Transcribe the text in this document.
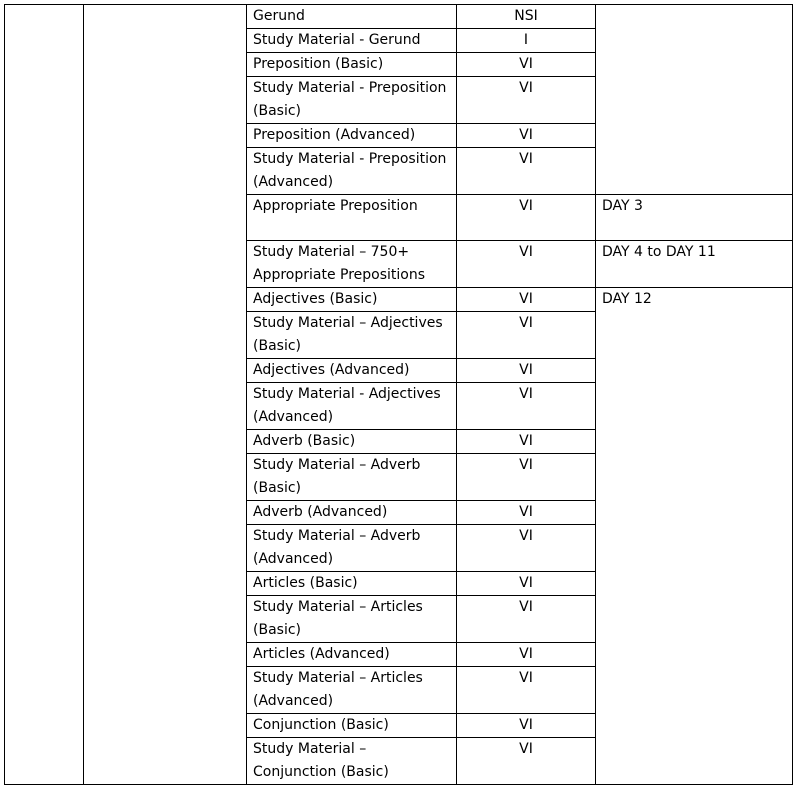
		Gerund	NSI	
		Study Material - Gerund	I	
		Preposition (Basic)	VI	
		Study Material - Preposition (Basic)	VI	
		Preposition (Advanced)	VI	
		Study Material - Preposition (Advanced)	VI	
		Appropriate Preposition	VI	DAY 3
		Study Material – 750+ Appropriate Prepositions	VI	DAY 4 to DAY 11
		Adjectives (Basic)	VI	DAY 12
		Study Material – Adjectives (Basic)	VI	
		Adjectives (Advanced)	VI	
		Study Material - Adjectives (Advanced)	VI	
		Adverb (Basic)	VI	
		Study Material – Adverb (Basic)	VI	
		Adverb (Advanced)	VI	
		Study Material – Adverb (Advanced)	VI	
		Articles (Basic)	VI	
		Study Material – Articles (Basic)	VI	
		Articles (Advanced)	VI	
		Study Material – Articles (Advanced)	VI	
		Conjunction (Basic)	VI	
		Study Material – Conjunction (Basic)	VI	
